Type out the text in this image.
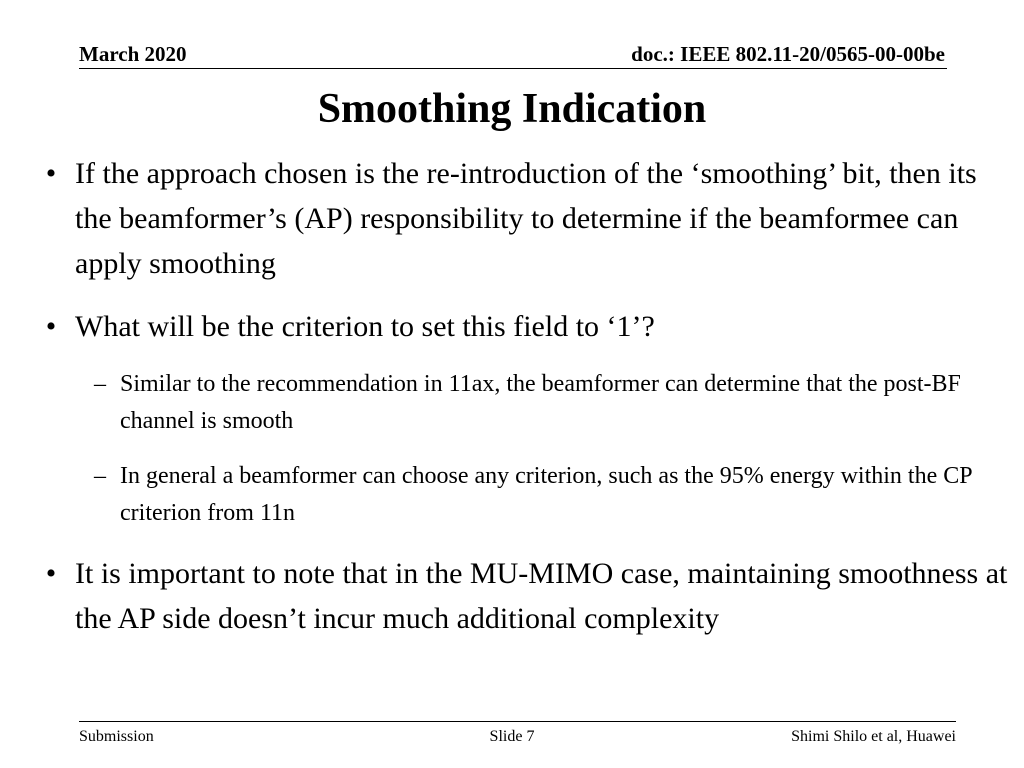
March 2020	doc.: IEEE 802.11-20/0565-00-00be
Smoothing Indication
• If the approach chosen is the re-introduction of the ‘smoothing’ bit, then its the beamformer’s (AP) responsibility to determine if the beamformee can apply smoothing
• What will be the criterion to set this field to ‘1’?
– Similar to the recommendation in 11ax, the beamformer can determine that the post-BF channel is smooth
– In general a beamformer can choose any criterion, such as the 95% energy within the CP criterion from 11n
• It is important to note that in the MU-MIMO case, maintaining smoothness at the AP side doesn’t incur much additional complexity
Submission	Slide 7	Shimi Shilo et al, Huawei
